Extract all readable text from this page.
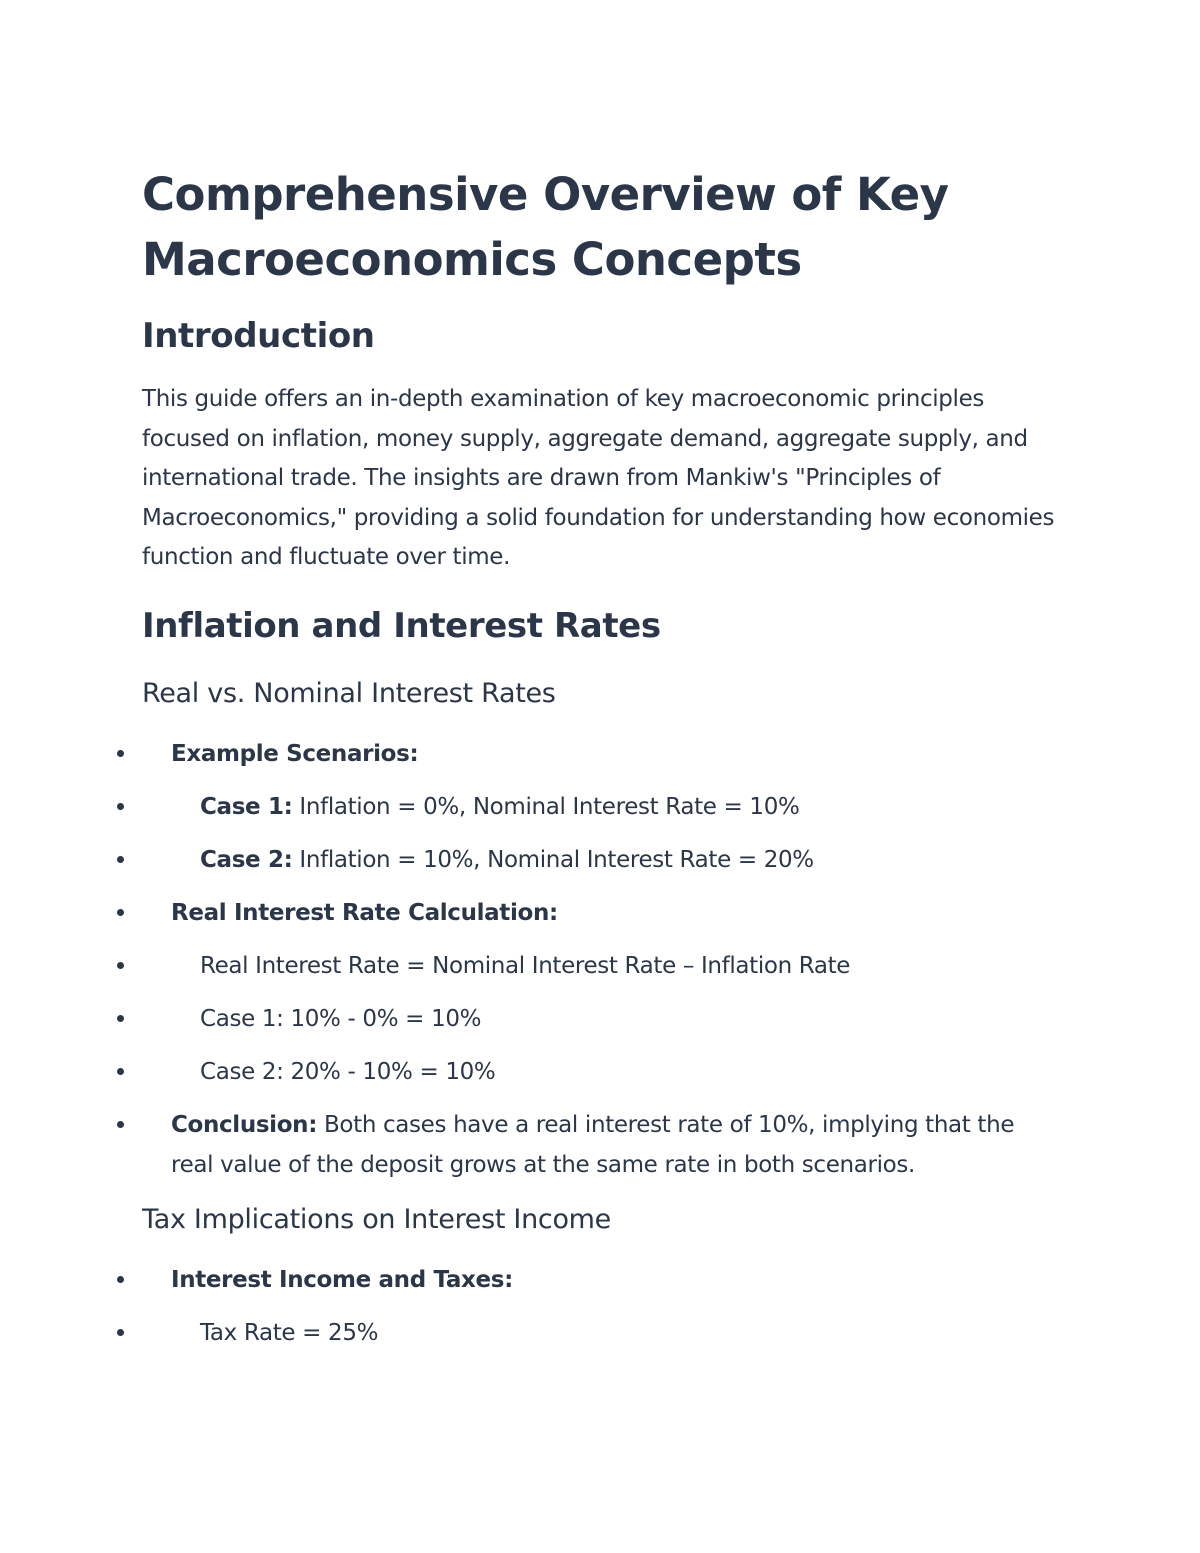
Comprehensive Overview of Key
Macroeconomics Concepts
Introduction

This guide offers an in-depth examination of key macroeconomic principles focused on inflation, money supply, aggregate demand, aggregate supply, and international trade. The insights are drawn from Mankiw's "Principles of Macroeconomics," providing a solid foundation for understanding how economies function and fluctuate over time.

Inflation and Interest Rates
Real vs. Nominal Interest Rates
Example Scenarios:
Case 1: Inflation = 0%, Nominal Interest Rate = 10%
Case 2: Inflation = 10%, Nominal Interest Rate = 20%
Real Interest Rate Calculation:
Real Interest Rate = Nominal Interest Rate – Inflation Rate
Case 1: 10% - 0% = 10%
Case 2: 20% - 10% = 10%
Conclusion: Both cases have a real interest rate of 10%, implying that the real value of the deposit grows at the same rate in both scenarios.
Tax Implications on Interest Income
Interest Income and Taxes:
Tax Rate = 25%
